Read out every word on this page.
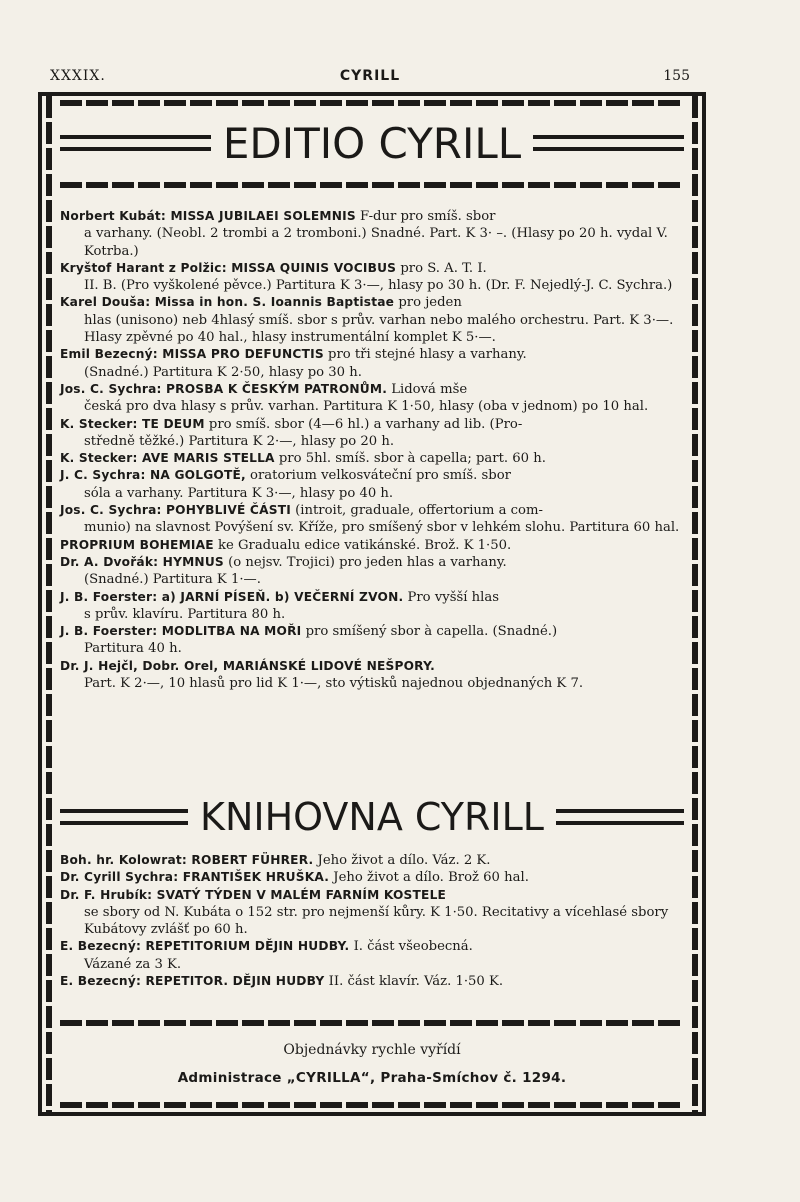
XXXIX.	CYRILL	155
EDITIO CYRILL

Norbert Kubát: MISSA JUBILAEI SOLEMNIS F-dur pro smíš. sbor
a varhany. (Neobl. 2 trombi a 2 tromboni.) Snadné. Part. K 3· –. (Hlasy po 20 h. vydal V. Kotrba.)

Kryštof Harant z Polžic: MISSA QUINIS VOCIBUS pro S. A. T. I.
II. B. (Pro vyškolené pěvce.) Partitura K 3·—, hlasy po 30 h. (Dr. F. Nejedlý-J. C. Sychra.)

Karel Douša: Missa in hon. S. Ioannis Baptistae pro jeden
hlas (unisono) neb 4hlasý smíš. sbor s prův. varhan nebo malého orchestru. Part. K 3·—. Hlasy zpěvné po 40 hal., hlasy instrumentální komplet K 5·—.

Emil Bezecný: MISSA PRO DEFUNCTIS pro tři stejné hlasy a varhany.
(Snadné.) Partitura K 2·50, hlasy po 30 h.

Jos. C. Sychra: PROSBA K ČESKÝM PATRONŮM. Lidová mše
česká pro dva hlasy s prův. varhan. Partitura K 1·50, hlasy (oba v jednom) po 10 hal.

K. Stecker: TE DEUM pro smíš. sbor (4—6 hl.) a varhany ad lib. (Pro-
středně těžké.) Partitura K 2·—, hlasy po 20 h.

K. Stecker: AVE MARIS STELLA pro 5hl. smíš. sbor à capella; part. 60 h.

J. C. Sychra: NA GOLGOTĚ, oratorium velkosváteční pro smíš. sbor
sóla a varhany. Partitura K 3·—, hlasy po 40 h.

Jos. C. Sychra: POHYBLIVÉ ČÁSTI (introit, graduale, offertorium a com-
munio) na slavnost Povýšení sv. Kříže, pro smíšený sbor v lehkém slohu. Partitura 60 hal.

PROPRIUM BOHEMIAE ke Gradualu edice vatikánské. Brož. K 1·50.

Dr. A. Dvořák: HYMNUS (o nejsv. Trojici) pro jeden hlas a varhany.
(Snadné.) Partitura K 1·—.

J. B. Foerster: a) JARNÍ PÍSEŇ. b) VEČERNÍ ZVON. Pro vyšší hlas
s prův. klavíru. Partitura 80 h.

J. B. Foerster: MODLITBA NA MOŘI pro smíšený sbor à capella. (Snadné.)
Partitura 40 h.

Dr. J. Hejčl, Dobr. Orel, MARIÁNSKÉ LIDOVÉ NEŠPORY.
Part. K 2·—, 10 hlasů pro lid K 1·—, sto výtisků najednou objednaných K 7.

KNIHOVNA CYRILL

Boh. hr. Kolowrat: ROBERT FÜHRER. Jeho život a dílo. Váz. 2 K.

Dr. Cyrill Sychra: FRANTIŠEK HRUŠKA. Jeho život a dílo. Brož 60 hal.

Dr. F. Hrubík: SVATÝ TÝDEN V MALÉM FARNÍM KOSTELE
se sbory od N. Kubáta o 152 str. pro nejmenší kůry. K 1·50. Recitativy a vícehlasé sbory Kubátovy zvlášť po 60 h.

E. Bezecný: REPETITORIUM DĚJIN HUDBY. I. část všeobecná.
Vázané za 3 K.

E. Bezecný: REPETITOR. DĚJIN HUDBY II. část klavír. Váz. 1·50 K.

Objednávky rychle vyřídí
Administrace „CYRILLA“, Praha-Smíchov č. 1294.
